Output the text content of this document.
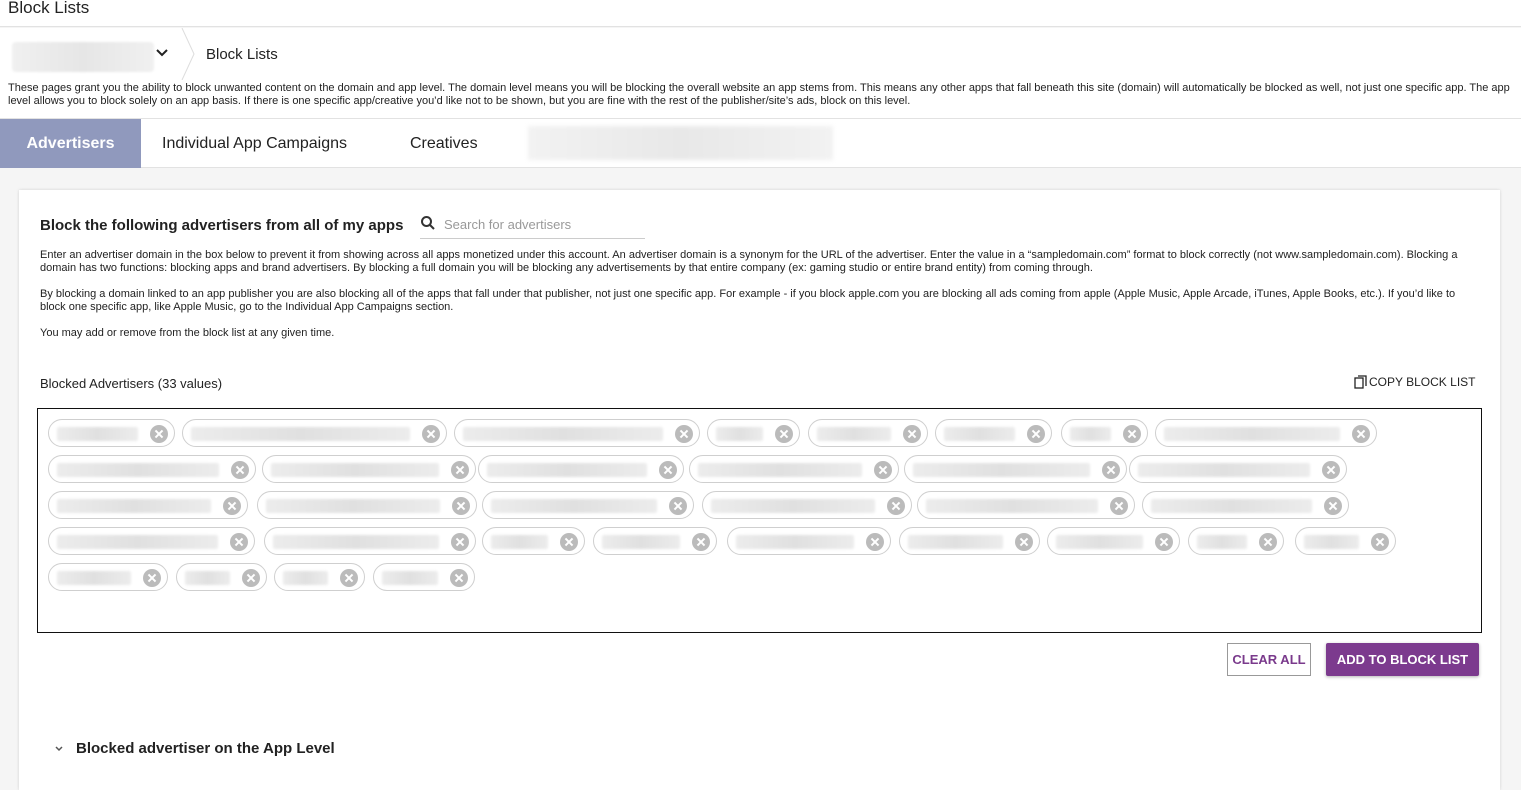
Block Lists
Block Lists
These pages grant you the ability to block unwanted content on the domain and app level. The domain level means you will be blocking the overall website an app stems from. This means any other apps that fall beneath this site (domain) will automatically be blocked as well, not just one specific app. The app level allows you to block solely on an app basis. If there is one specific app/creative you’d like not to be shown, but you are fine with the rest of the publisher/site’s ads, block on this level.
Advertisers	Individual App Campaigns	Creatives
Block the following advertisers from all of my apps
Search for advertisers
Enter an advertiser domain in the box below to prevent it from showing across all apps monetized under this account. An advertiser domain is a synonym for the URL of the advertiser. Enter the value in a “sampledomain.com” format to block correctly (not www.sampledomain.com). Blocking a domain has two functions: blocking apps and brand advertisers. By blocking a full domain you will be blocking any advertisements by that entire company (ex: gaming studio or entire brand entity) from coming through.
By blocking a domain linked to an app publisher you are also blocking all of the apps that fall under that publisher, not just one specific app. For example - if you block apple.com you are blocking all ads coming from apple (Apple Music, Apple Arcade, iTunes, Apple Books, etc.). If you’d like to block one specific app, like Apple Music, go to the Individual App Campaigns section.
You may add or remove from the block list at any given time.
Blocked Advertisers (33 values)	COPY BLOCK LIST
CLEAR ALL	ADD TO BLOCK LIST
Blocked advertiser on the App Level
